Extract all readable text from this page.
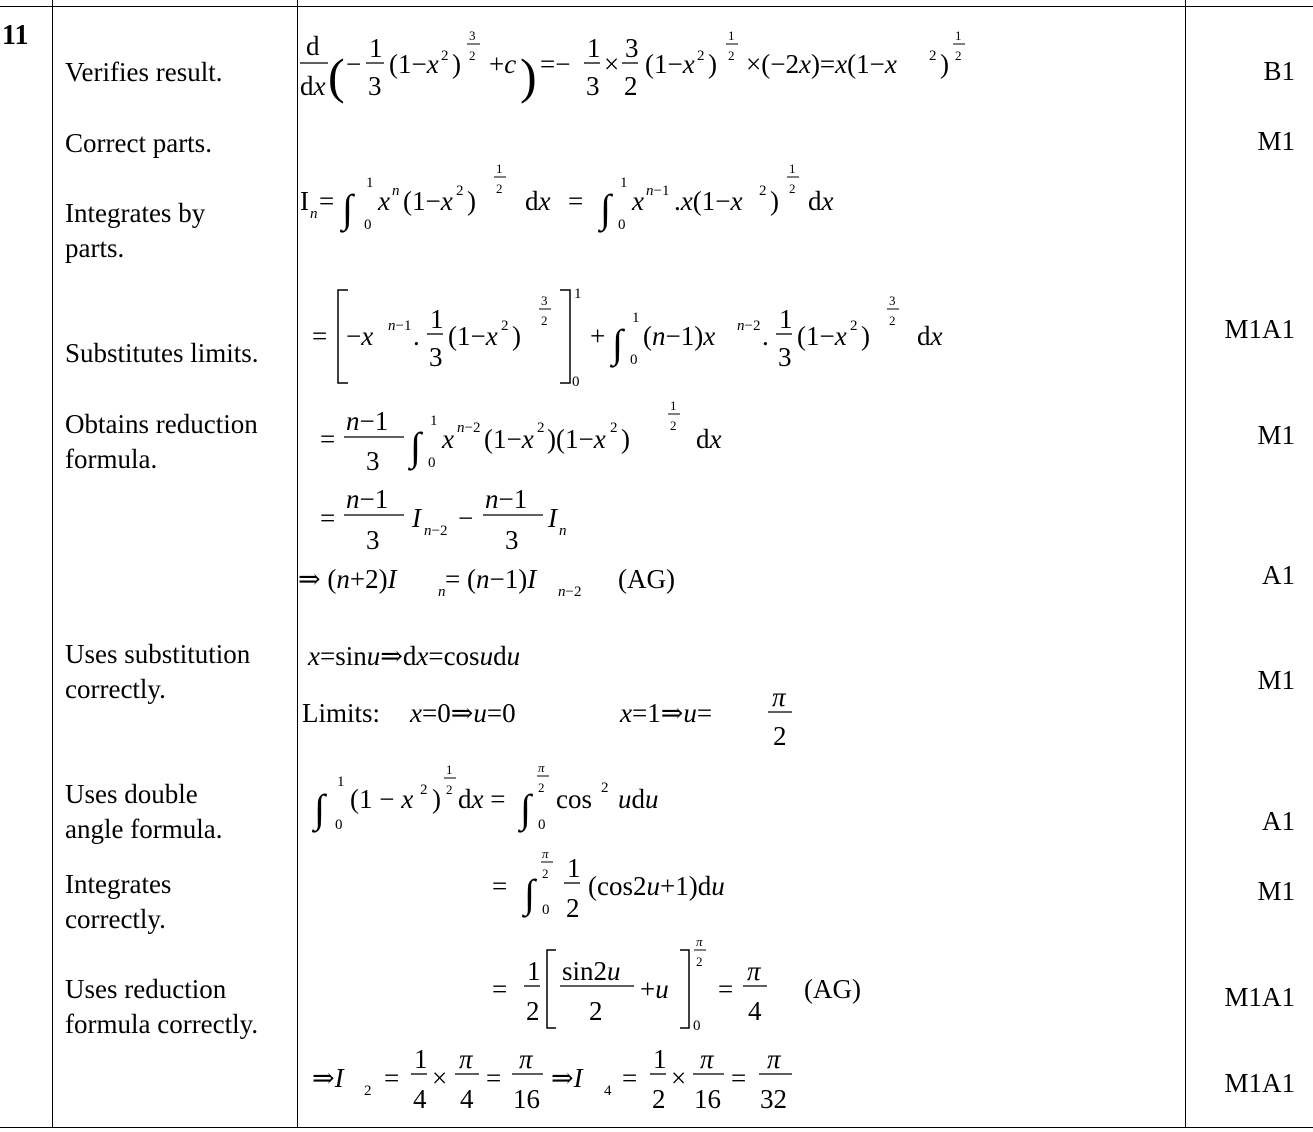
11
Verifies result.
Correct parts.
Integrates by
parts.
Substitutes limits.
Obtains reduction
formula.
Uses substitution
correctly.
Uses double
angle formula.
Integrates
correctly.
Uses reduction
formula correctly.
B1
M1
M1A1
M1
A1
M1
A1
M1
M1A1
M1A1
d
dx ( −
1
3
(1−x 2 )
3
2 +c ) =−
1
3
×
3
2
(1−x 2 )
1
2 ×(−2x)=x(1−x 2 )
1
2
I n = ∫
1
0
x n (1−x 2 )
1
2 dx = ∫
1
0
x n−1 .x(1−x 2 )
1
2 dx
= −x n−1 .
1
3
(1−x 2 )
3
2
1
0
+ ∫
1
0
(n−1)x n−2 .
1
3
(1−x 2 )
3
2
dx
=
n−1
3 ∫
1
0
x n−2 (1−x 2 )(1−x 2 )
1
2 dx
=
n−1
3
I n−2 −
n−1
3
I n
⇒ (n+2)I	n = (n−1)I n−2 (AG)
x=sinu⇒dx=cosudu
Limits: x=0⇒u=0	x=1⇒u=
π
2
∫
1
0
(1 − x 2 )
1
2 dx = ∫
π
2
0
cos 2 udu
= ∫
π
2
0
1
2
(cos2u+1)du
=
1
2
sin2u
2
+u
π
2
0
=
π
4
(AG)
⇒I 2 =
1
4
×
π
4
=
π
16
⇒I 4 =
1
2
×
π
16
=
π
32
